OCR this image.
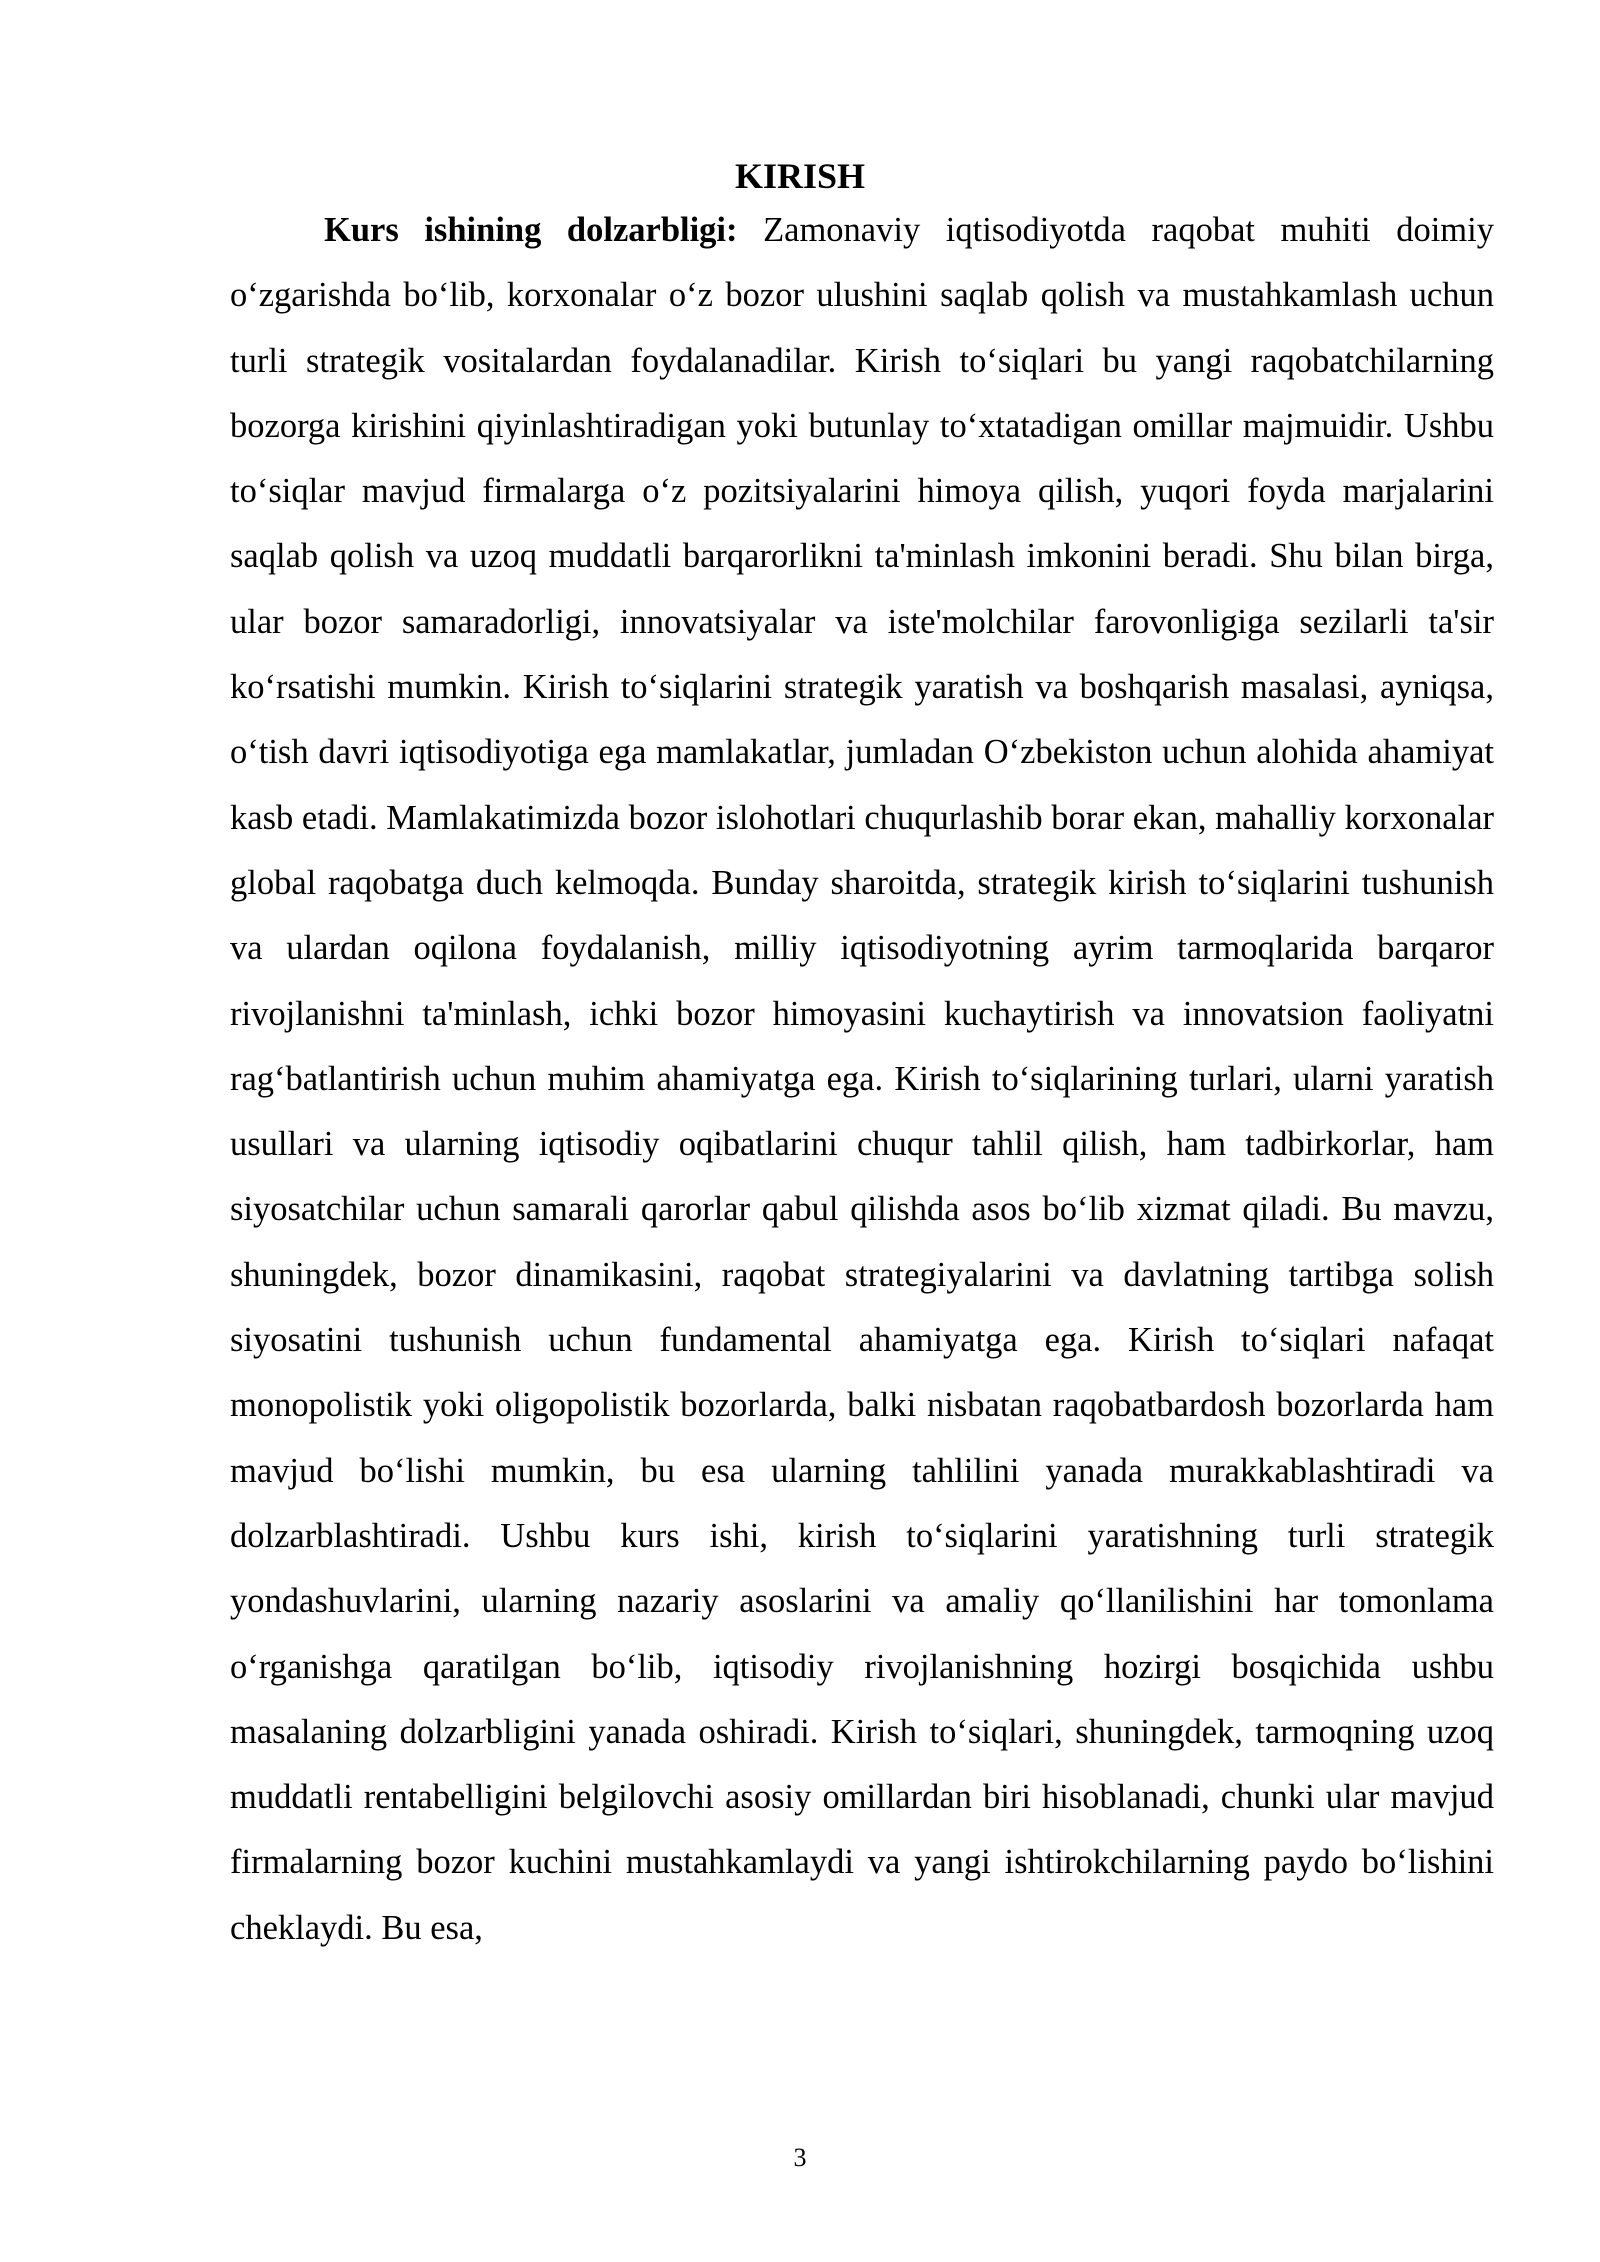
KIRISH

Kurs ishining dolzarbligi: Zamonaviy iqtisodiyotda raqobat muhiti doimiy oʻzgarishda boʻlib, korxonalar oʻz bozor ulushini saqlab qolish va mustahkamlash uchun turli strategik vositalardan foydalanadilar. Kirish toʻsiqlari bu yangi raqobatchilarning bozorga kirishini qiyinlashtiradigan yoki butunlay toʻxtatadigan omillar majmuidir. Ushbu toʻsiqlar mavjud firmalarga oʻz pozitsiyalarini himoya qilish, yuqori foyda marjalarini saqlab qolish va uzoq muddatli barqarorlikni ta'minlash imkonini beradi. Shu bilan birga, ular bozor samaradorligi, innovatsiyalar va iste'molchilar farovonligiga sezilarli ta'sir koʻrsatishi mumkin. Kirish toʻsiqlarini strategik yaratish va boshqarish masalasi, ayniqsa, oʻtish davri iqtisodiyotiga ega mamlakatlar, jumladan Oʻzbekiston uchun alohida ahamiyat kasb etadi. Mamlakatimizda bozor islohotlari chuqurlashib borar ekan, mahalliy korxonalar global raqobatga duch kelmoqda. Bunday sharoitda, strategik kirish toʻsiqlarini tushunish va ulardan oqilona foydalanish, milliy iqtisodiyotning ayrim tarmoqlarida barqaror rivojlanishni ta'minlash, ichki bozor himoyasini kuchaytirish va innovatsion faoliyatni ragʻbatlantirish uchun muhim ahamiyatga ega. Kirish toʻsiqlarining turlari, ularni yaratish usullari va ularning iqtisodiy oqibatlarini chuqur tahlil qilish, ham tadbirkorlar, ham siyosatchilar uchun samarali qarorlar qabul qilishda asos boʻlib xizmat qiladi. Bu mavzu, shuningdek, bozor dinamikasini, raqobat strategiyalarini va davlatning tartibga solish siyosatini tushunish uchun fundamental ahamiyatga ega. Kirish toʻsiqlari nafaqat monopolistik yoki oligopolistik bozorlarda, balki nisbatan raqobatbardosh bozorlarda ham mavjud boʻlishi mumkin, bu esa ularning tahlilini yanada murakkablashtiradi va dolzarblashtiradi. Ushbu kurs ishi, kirish toʻsiqlarini yaratishning turli strategik yondashuvlarini, ularning nazariy asoslarini va amaliy qoʻllanilishini har tomonlama oʻrganishga qaratilgan boʻlib, iqtisodiy rivojlanishning hozirgi bosqichida ushbu masalaning dolzarbligini yanada oshiradi. Kirish toʻsiqlari, shuningdek, tarmoqning uzoq muddatli rentabelligini belgilovchi asosiy omillardan biri hisoblanadi, chunki ular mavjud firmalarning bozor kuchini mustahkamlaydi va yangi ishtirokchilarning paydo boʻlishini cheklaydi. Bu esa,

3
